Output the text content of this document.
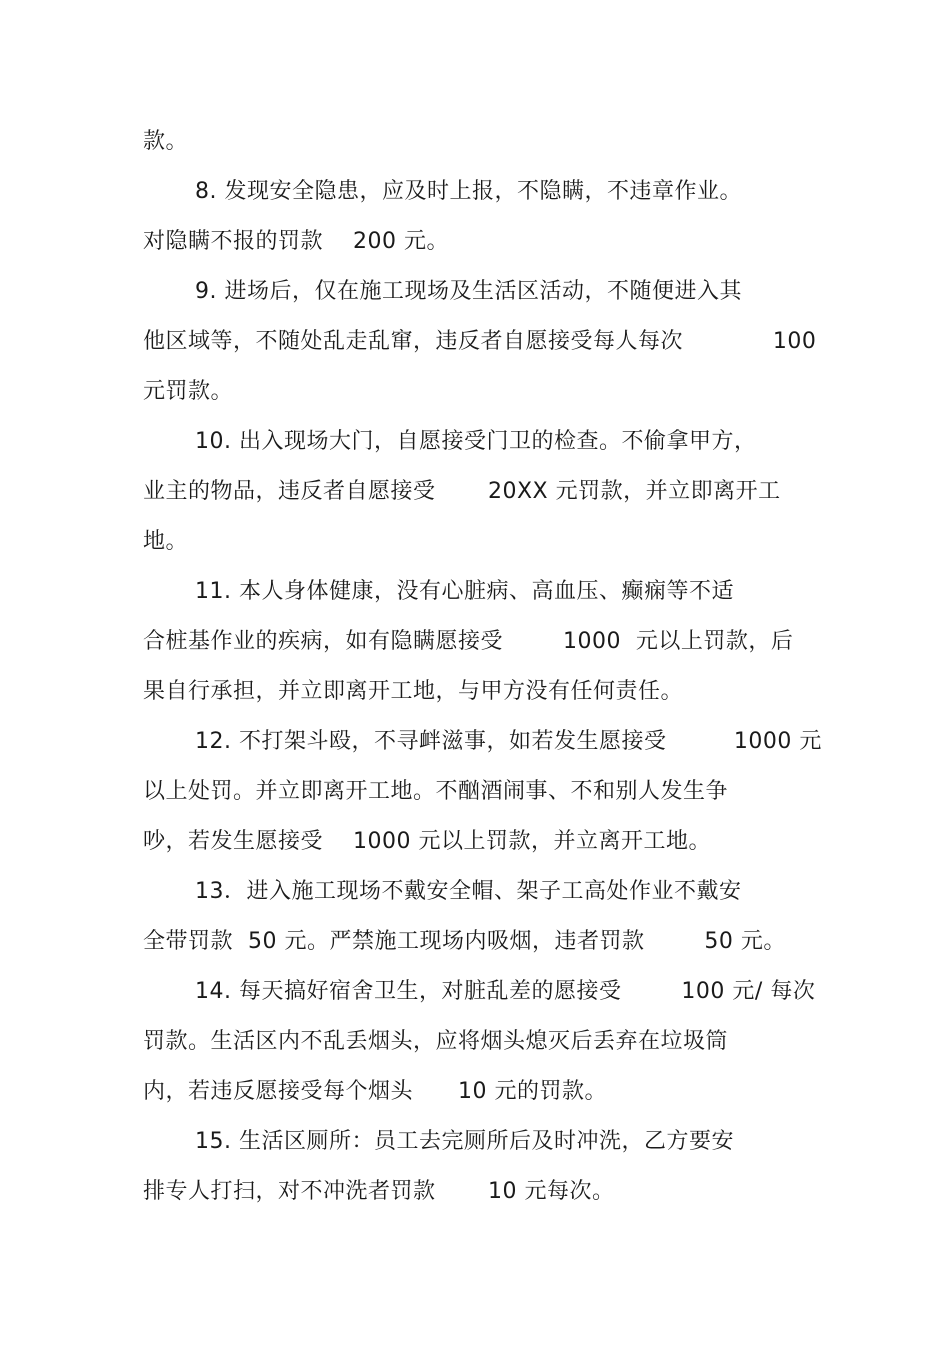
款。
8. 发现安全隐患，应及时上报，不隐瞒，不违章作业。
对隐瞒不报的罚款    200 元。
9. 进场后，仅在施工现场及生活区活动，不随便进入其
他区域等，不随处乱走乱窜，违反者自愿接受每人每次            100
元罚款。
10. 出入现场大门，自愿接受门卫的检查。不偷拿甲方，
业主的物品，违反者自愿接受       20XX 元罚款，并立即离开工
地。
11. 本人身体健康，没有心脏病、高血压、癫痫等不适
合桩基作业的疾病，如有隐瞒愿接受        1000  元以上罚款，后
果自行承担，并立即离开工地，与甲方没有任何责任。
12. 不打架斗殴，不寻衅滋事，如若发生愿接受         1000 元
以上处罚。并立即离开工地。不酗酒闹事、不和别人发生争
吵，若发生愿接受    1000 元以上罚款，并立离开工地。
13．进入施工现场不戴安全帽、架子工高处作业不戴安
全带罚款  50 元。严禁施工现场内吸烟，违者罚款        50 元。
14. 每天搞好宿舍卫生，对脏乱差的愿接受        100 元/ 每次
罚款。生活区内不乱丢烟头，应将烟头熄灭后丢弃在垃圾筒
内，若违反愿接受每个烟头      10 元的罚款。
15. 生活区厕所：员工去完厕所后及时冲洗，乙方要安
排专人打扫，对不冲洗者罚款       10 元每次。
